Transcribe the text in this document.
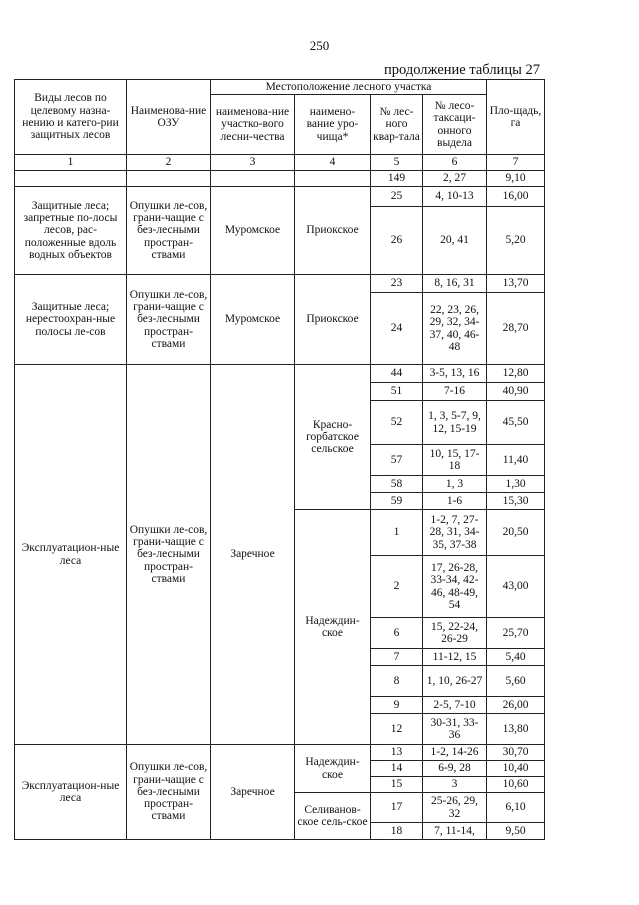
250
продолжение таблицы 27
Виды лесов по целевому назна-нению и катего-рии защитных лесов	Наименова-ние ОЗУ	Местоположение лесного участка				Пло-щадь, га
		наименова-ние участко-вого лесни-чества	наимено-вание уро-чища*	№ лес-ного квар-тала	№ лесо-таксаци-онного выдела	
1	2	3	4	5	6	7
				149	2, 27	9,10
Защитные леса; запретные по-лосы лесов, рас-положенные вдоль водных объектов	Опушки ле-сов, грани-чащие с без-лесными простран-ствами	Муромское	Приокское	25	4, 10-13	16,00
				26	20, 41	5,20
Защитные леса; нерестоохран-ные полосы ле-сов	Опушки ле-сов, грани-чащие с без-лесными простран-ствами	Муромское	Приокское	23	8, 16, 31	13,70
				24	22, 23, 26, 29, 32, 34-37, 40, 46-48	28,70
Эксплуатацион-ные леса	Опушки ле-сов, грани-чащие с без-лесными простран-ствами	Заречное	Красно-горбатское сельское	44	3-5, 13, 16	12,80
				51	7-16	40,90
				52	1, 3, 5-7, 9, 12, 15-19	45,50
				57	10, 15, 17-18	11,40
				58	1, 3	1,30
				59	1-6	15,30
			Надеждин-ское	1	1-2, 7, 27-28, 31, 34-35, 37-38	20,50
				2	17, 26-28, 33-34, 42-46, 48-49, 54	43,00
				6	15, 22-24, 26-29	25,70
				7	11-12, 15	5,40
				8	1, 10, 26-27	5,60
				9	2-5, 7-10	26,00
				12	30-31, 33-36	13,80
Эксплуатацион-ные леса	Опушки ле-сов, грани-чащие с без-лесными простран-ствами	Заречное	Надеждин-ское	13	1-2, 14-26	30,70
				14	6-9, 28	10,40
				15	3	10,60
			Селиванов-ское сель-ское	17	25-26, 29, 32	6,10
				18	7, 11-14,	9,50
